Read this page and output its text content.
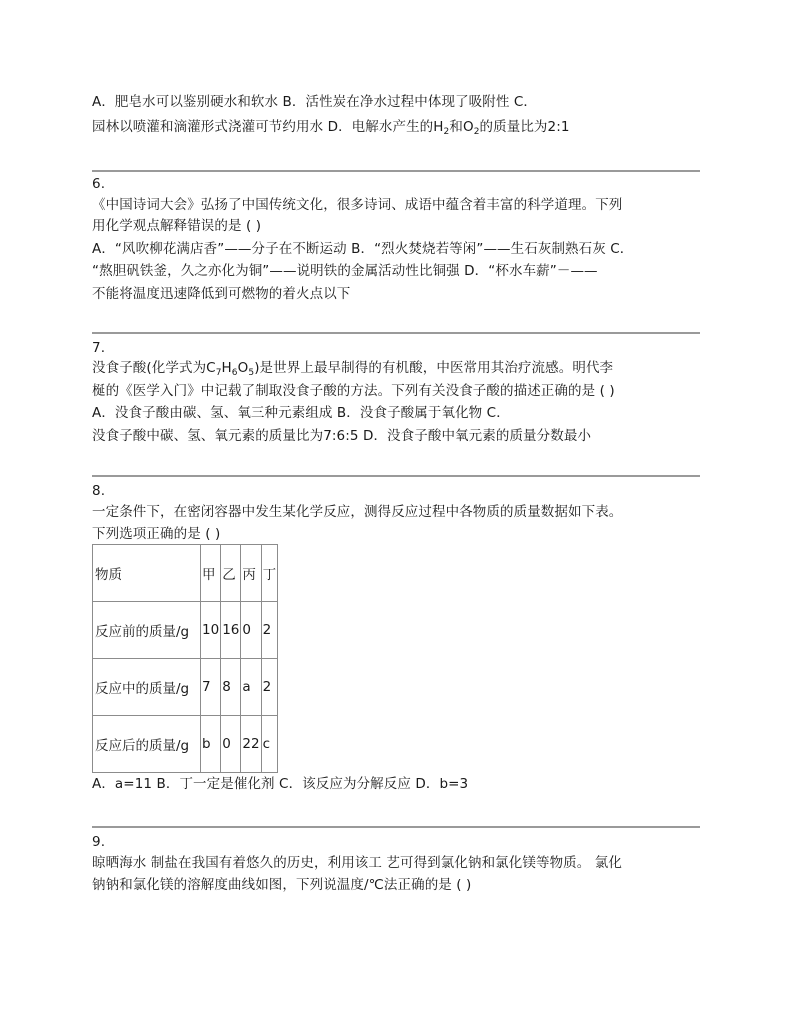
A．肥皂水可以鉴别硬水和软水 B．活性炭在净水过程中体现了吸附性 C．
园林以喷灌和滴灌形式浇灌可节约用水 D．电解水产生的$H_2$和$O_2$的质量比为2:1
6.
《中国诗词大会》弘扬了中国传统文化，很多诗词、成语中蕴含着丰富的科学道理。下列
用化学观点解释错误的是 ( )
A．“风吹柳花满店香”——分子在不断运动 B．“烈火焚烧若等闲”——生石灰制熟石灰 C．
“熬胆矾铁釜，久之亦化为铜”——说明铁的金属活动性比铜强 D．“杯水车薪”－——
不能将温度迅速降低到可燃物的着火点以下
7.
没食子酸(化学式为$C_7H_6O_5$)是世界上最早制得的有机酸，中医常用其治疗流感。明代李
梴的《医学入门》中记载了制取没食子酸的方法。下列有关没食子酸的描述正确的是 ( )
A．没食子酸由碳、氢、氧三种元素组成 B．没食子酸属于氧化物 C．
没食子酸中碳、氢、氧元素的质量比为7:6:5 D．没食子酸中氧元素的质量分数最小
8.
一定条件下，在密闭容器中发生某化学反应，测得反应过程中各物质的质量数据如下表。
下列选项正确的是 ( )
物质	甲	乙	丙	丁
反应前的质量/g	10	16	0	2
反应中的质量/g	7	8	a	2
反应后的质量/g	b	0	22	c
A．a=11 B．丁一定是催化剂 C．该反应为分解反应 D．b=3
9.
晾晒海水 制盐在我国有着悠久的历史，利用该工 艺可得到氯化钠和氯化镁等物质。 氯化
钠钠和氯化镁的溶解度曲线如图，下列说温度/℃法正确的是 ( )
